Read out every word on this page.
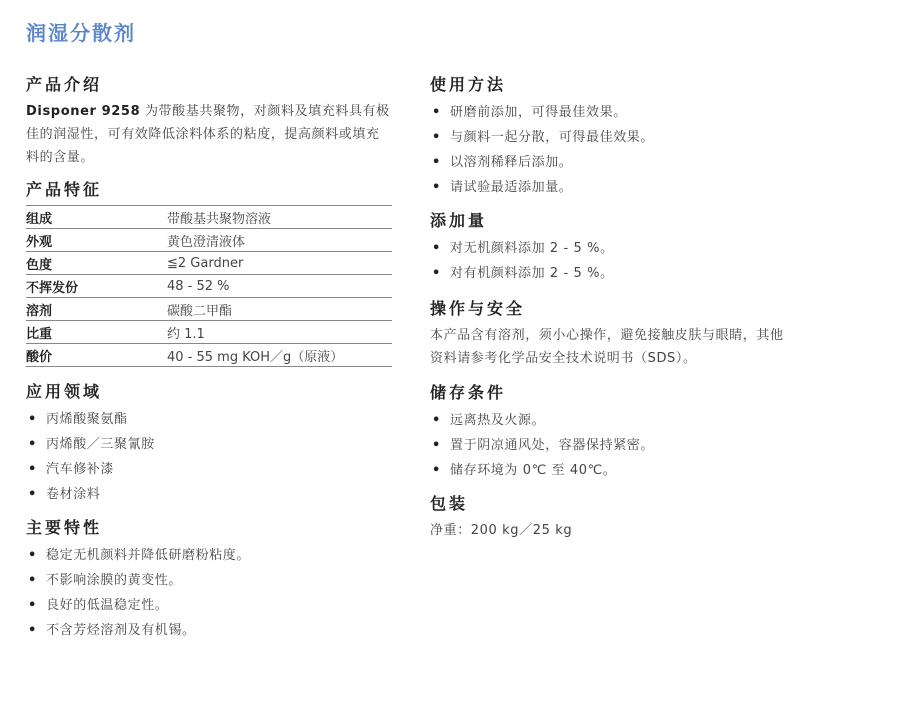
润湿分散剂
产品介绍

Disponer 9258 为带酸基共聚物，对颜料及填充料具有极佳的润湿性，可有效降低涂料体系的粘度，提高颜料或填充料的含量。

产品特征
组成	带酸基共聚物溶液
外观	黄色澄清液体
色度	≦2 Gardner
不挥发份	48 - 52 %
溶剂	碳酸二甲酯
比重	约 1.1
酸价	40 - 55 mg KOH／g（原液）
应用领域
• 丙烯酸聚氨酯
• 丙烯酸／三聚氰胺
• 汽车修补漆
• 卷材涂料
主要特性
• 稳定无机颜料并降低研磨粉粘度。
• 不影响涂膜的黄变性。
• 良好的低温稳定性。
• 不含芳烃溶剂及有机锡。
使用方法
• 研磨前添加，可得最佳效果。
• 与颜料一起分散，可得最佳效果。
• 以溶剂稀释后添加。
• 请试验最适添加量。
添加量
• 对无机颜料添加 2 - 5 %。
• 对有机颜料添加 2 - 5 %。
操作与安全

本产品含有溶剂，须小心操作，避免接触皮肤与眼睛，其他资料请参考化学品安全技术说明书（SDS）。

储存条件
• 远离热及火源。
• 置于阴凉通风处，容器保持紧密。
• 储存环境为 0℃ 至 40℃。
包装

净重：200 kg／25 kg
